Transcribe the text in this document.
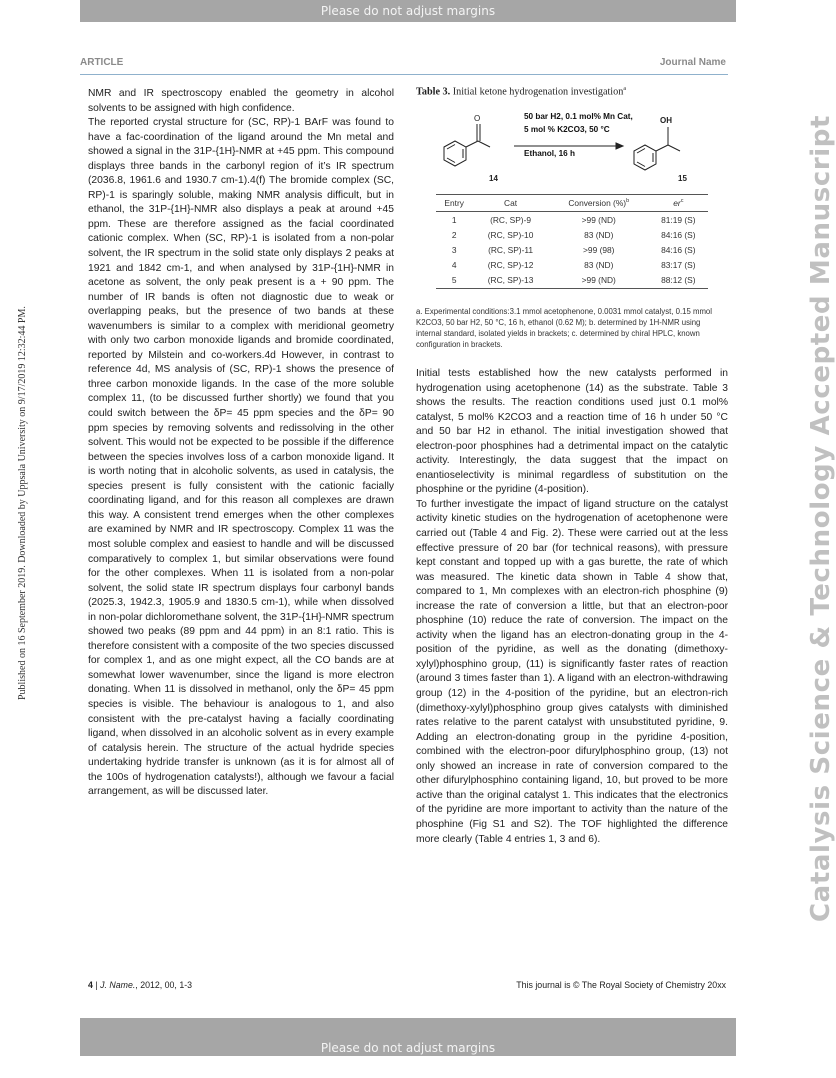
Please do not adjust margins
ARTICLE	Journal Name
Published on 16 September 2019. Downloaded by Uppsala University on 9/17/2019 12:32:44 PM.	Catalysis Science & Technology Accepted Manuscript

NMR and IR spectroscopy enabled the geometry in alcohol solvents to be assigned with high confidence.

The reported crystal structure for (SC, RP)-1 BArF was found to have a fac-coordination of the ligand around the Mn metal and showed a signal in the 31P-{1H}-NMR at +45 ppm. This compound displays three bands in the carbonyl region of it’s IR spectrum (2036.8, 1961.6 and 1930.7 cm-1).4(f) The bromide complex (SC, RP)-1 is sparingly soluble, making NMR analysis difficult, but in ethanol, the 31P-{1H}-NMR also displays a peak at around +45 ppm. These are therefore assigned as the facial coordinated cationic complex. When (SC, RP)-1 is isolated from a non-polar solvent, the IR spectrum in the solid state only displays 2 peaks at 1921 and 1842 cm-1, and when analysed by 31P-{1H}-NMR in acetone as solvent, the only peak present is a + 90 ppm. The number of IR bands is often not diagnostic due to weak or overlapping peaks, but the presence of two bands at these wavenumbers is similar to a complex with meridional geometry with only two carbon monoxide ligands and bromide coordinated, reported by Milstein and co-workers.4d However, in contrast to reference 4d, MS analysis of (SC, RP)-1 shows the presence of three carbon monoxide ligands. In the case of the more soluble complex 11, (to be discussed further shortly) we found that you could switch between the δP= 45 ppm species and the δP= 90 ppm species by removing solvents and redissolving in the other solvent. This would not be expected to be possible if the difference between the species involves loss of a carbon monoxide ligand. It is worth noting that in alcoholic solvents, as used in catalysis, the species present is fully consistent with the cationic facially coordinating ligand, and for this reason all complexes are drawn this way. A consistent trend emerges when the other complexes are examined by NMR and IR spectroscopy. Complex 11 was the most soluble complex and easiest to handle and will be discussed comparatively to complex 1, but similar observations were found for the other complexes. When 11 is isolated from a non-polar solvent, the solid state IR spectrum displays four carbonyl bands (2025.3, 1942.3, 1905.9 and 1830.5 cm-1), while when dissolved in non-polar dichloromethane solvent, the 31P-{1H}-NMR spectrum showed two peaks (89 ppm and 44 ppm) in an 8:1 ratio. This is therefore consistent with a composite of the two species discussed for complex 1, and as one might expect, all the CO bands are at somewhat lower wavenumber, since the ligand is more electron donating. When 11 is dissolved in methanol, only the δP= 45 ppm species is visible. The behaviour is analogous to 1, and also consistent with the pre-catalyst having a facially coordinating ligand, when dissolved in an alcoholic solvent as in every example of catalysis herein. The structure of the actual hydride species undertaking hydride transfer is unknown (as it is for almost all of the 100s of hydrogenation catalysts!), although we favour a facial arrangement, as will be discussed later.

Table 3. Initial ketone hydrogenation investigation$^a$
O	OH
50 bar H2, 0.1 mol% Mn Cat,
5 mol % K2CO3, 50 °C
Ethanol, 16 h
14	15
Entry	Cat	Conversion (%)$^b$	$er^c$
1	(RC, SP)-9	>99 (ND)	81:19 (S)
2	(RC, SP)-10	83 (ND)	84:16 (S)
3	(RC, SP)-11	>99 (98)	84:16 (S)
4	(RC, SP)-12	83 (ND)	83:17 (S)
5	(RC, SP)-13	>99 (ND)	88:12 (S)
a. Experimental conditions:3.1 mmol acetophenone, 0.0031 mmol catalyst, 0.15 mmol K2CO3, 50 bar H2, 50 °C, 16 h, ethanol (0.62 M); b. determined by 1H-NMR using internal standard, isolated yields in brackets; c. determined by chiral HPLC, known configuration in brackets.

Initial tests established how the new catalysts performed in hydrogenation using acetophenone (14) as the substrate. Table 3 shows the results. The reaction conditions used just 0.1 mol% catalyst, 5 mol% K2CO3 and a reaction time of 16 h under 50 °C and 50 bar H2 in ethanol. The initial investigation showed that electron-poor phosphines had a detrimental impact on the catalytic activity. Interestingly, the data suggest that the impact on enantioselectivity is minimal regardless of substitution on the phosphine or the pyridine (4-position).

To further investigate the impact of ligand structure on the catalyst activity kinetic studies on the hydrogenation of acetophenone were carried out (Table 4 and Fig. 2). These were carried out at the less effective pressure of 20 bar (for technical reasons), with pressure kept constant and topped up with a gas burette, the rate of which was measured. The kinetic data shown in Table 4 show that, compared to 1, Mn complexes with an electron-rich phosphine (9) increase the rate of conversion a little, but that an electron-poor phosphine (10) reduce the rate of conversion. The impact on the activity when the ligand has an electron-donating group in the 4-position of the pyridine, as well as the donating (dimethoxy-xylyl)phosphino group, (11) is significantly faster rates of reaction (around 3 times faster than 1). A ligand with an electron-withdrawing group (12) in the 4-position of the pyridine, but an electron-rich (dimethoxy-xylyl)phosphino group gives catalysts with diminished rates relative to the parent catalyst with unsubstituted pyridine, 9. Adding an electron-donating group in the pyridine 4-position, combined with the electron-poor difurylphosphino group, (13) not only showed an increase in rate of conversion compared to the other difurylphosphino containing ligand, 10, but proved to be more active than the original catalyst 1. This indicates that the electronics of the pyridine are more important to activity than the nature of the phosphine (Fig S1 and S2). The TOF highlighted the difference more clearly (Table 4 entries 1, 3 and 6).

4 | J. Name., 2012, 00, 1-3	This journal is © The Royal Society of Chemistry 20xx
Please do not adjust margins
